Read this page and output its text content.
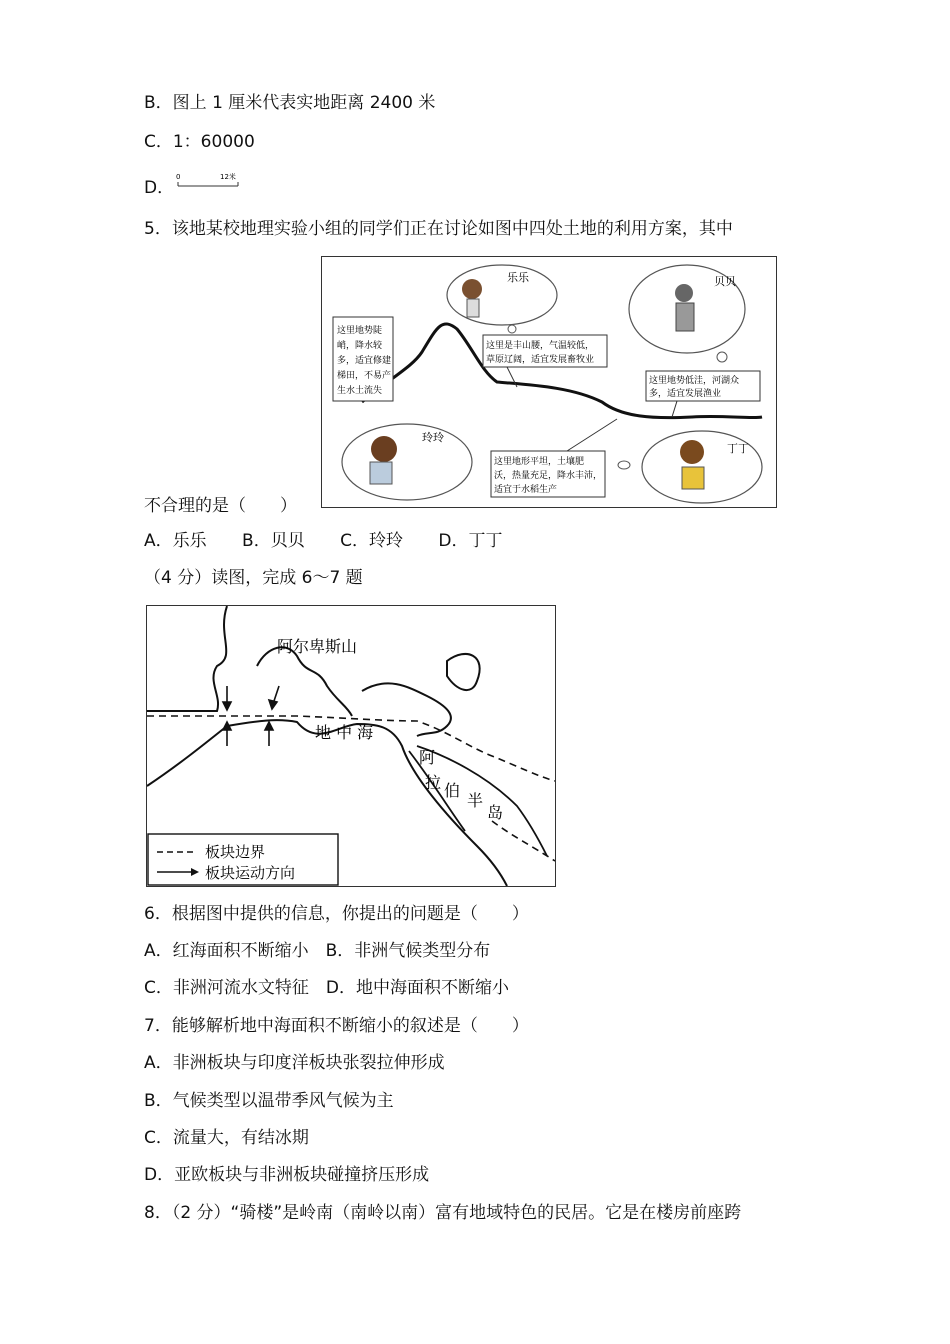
B．图上 1 厘米代表实地距离 2400 米
C．1：60000
D．
0	12米
5．该地某校地理实验小组的同学们正在讨论如图中四处土地的利用方案，其中
乐乐	贝贝
玲玲
丁丁
这里地势陡
峭，降水较
多，适宜修建
梯田，不易产
生水土流失
这里是丰山腰，气温较低，
草原辽阔，适宜发展畜牧业
这里地势低洼，河湖众
多，适宜发展渔业
这里地形平坦，土壤肥
沃，热量充足，降水丰沛，
适宜于水稻生产
不合理的是（　　）
A．乐乐 B．贝贝 C．玲玲 D．丁丁
（4 分）读图，完成 6～7 题
阿尔卑斯山
地 中 海
阿
拉 伯
半
岛
板块边界
板块运动方向
6．根据图中提供的信息，你提出的问题是（　　）
A．红海面积不断缩小　B．非洲气候类型分布
C．非洲河流水文特征　D．地中海面积不断缩小
7．能够解析地中海面积不断缩小的叙述是（　　）
A．非洲板块与印度洋板块张裂拉伸形成
B．气候类型以温带季风气候为主
C．流量大，有结冰期
D．亚欧板块与非洲板块碰撞挤压形成
8．（2 分）“骑楼”是岭南（南岭以南）富有地域特色的民居。它是在楼房前座跨
